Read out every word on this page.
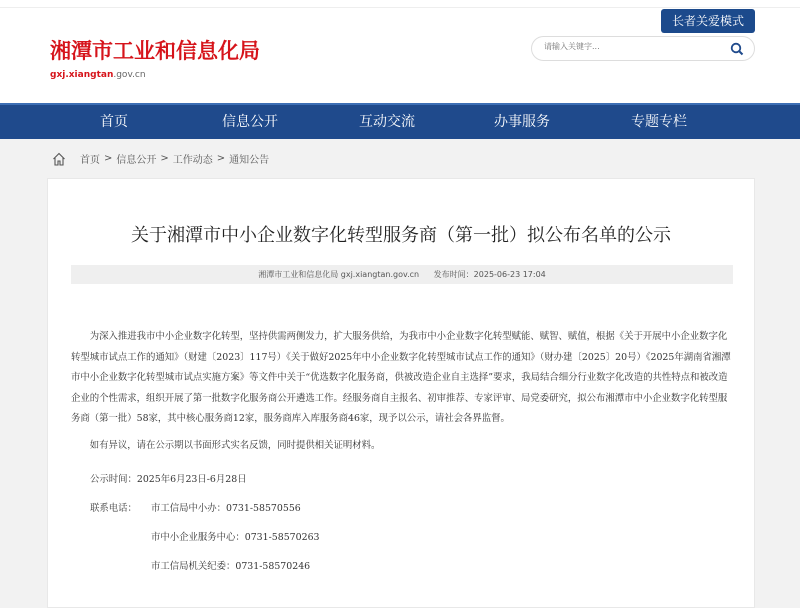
湘潭市工业和信息化局
gxj.xiangtan.gov.cn
长者关爱模式
请输入关键字...
首页	信息公开	互动交流	办事服务	专题专栏
首页 > 信息公开 > 工作动态 > 通知公告
关于湘潭市中小企业数字化转型服务商（第一批）拟公布名单的公示
湘潭市工业和信息化局 gxj.xiangtan.gov.cn 发布时间：2025-06-23 17:04

为深入推进我市中小企业数字化转型，坚持供需两侧发力，扩大服务供给，为我市中小企业数字化转型赋能、赋智、赋值，根据《关于开展中小企业数字化转型城市试点工作的通知》（财建〔2023〕117号）《关于做好2025年中小企业数字化转型城市试点工作的通知》（财办建〔2025〕20号）《2025年湖南省湘潭市中小企业数字化转型城市试点实施方案》等文件中关于“优选数字化服务商，供被改造企业自主选择”要求，我局结合细分行业数字化改造的共性特点和被改造企业的个性需求，组织开展了第一批数字化服务商公开遴选工作。经服务商自主报名、初审推荐、专家评审、局党委研究，拟公布湘潭市中小企业数字化转型服务商（第一批）58家，其中核心服务商12家，服务商库入库服务商46家，现予以公示，请社会各界监督。

如有异议，请在公示期以书面形式实名反馈，同时提供相关证明材料。

公示时间：2025年6月23日-6月28日
联系电话： 市工信局中小办：0731-58570556
市中小企业服务中心：0731-58570263
市工信局机关纪委：0731-58570246
